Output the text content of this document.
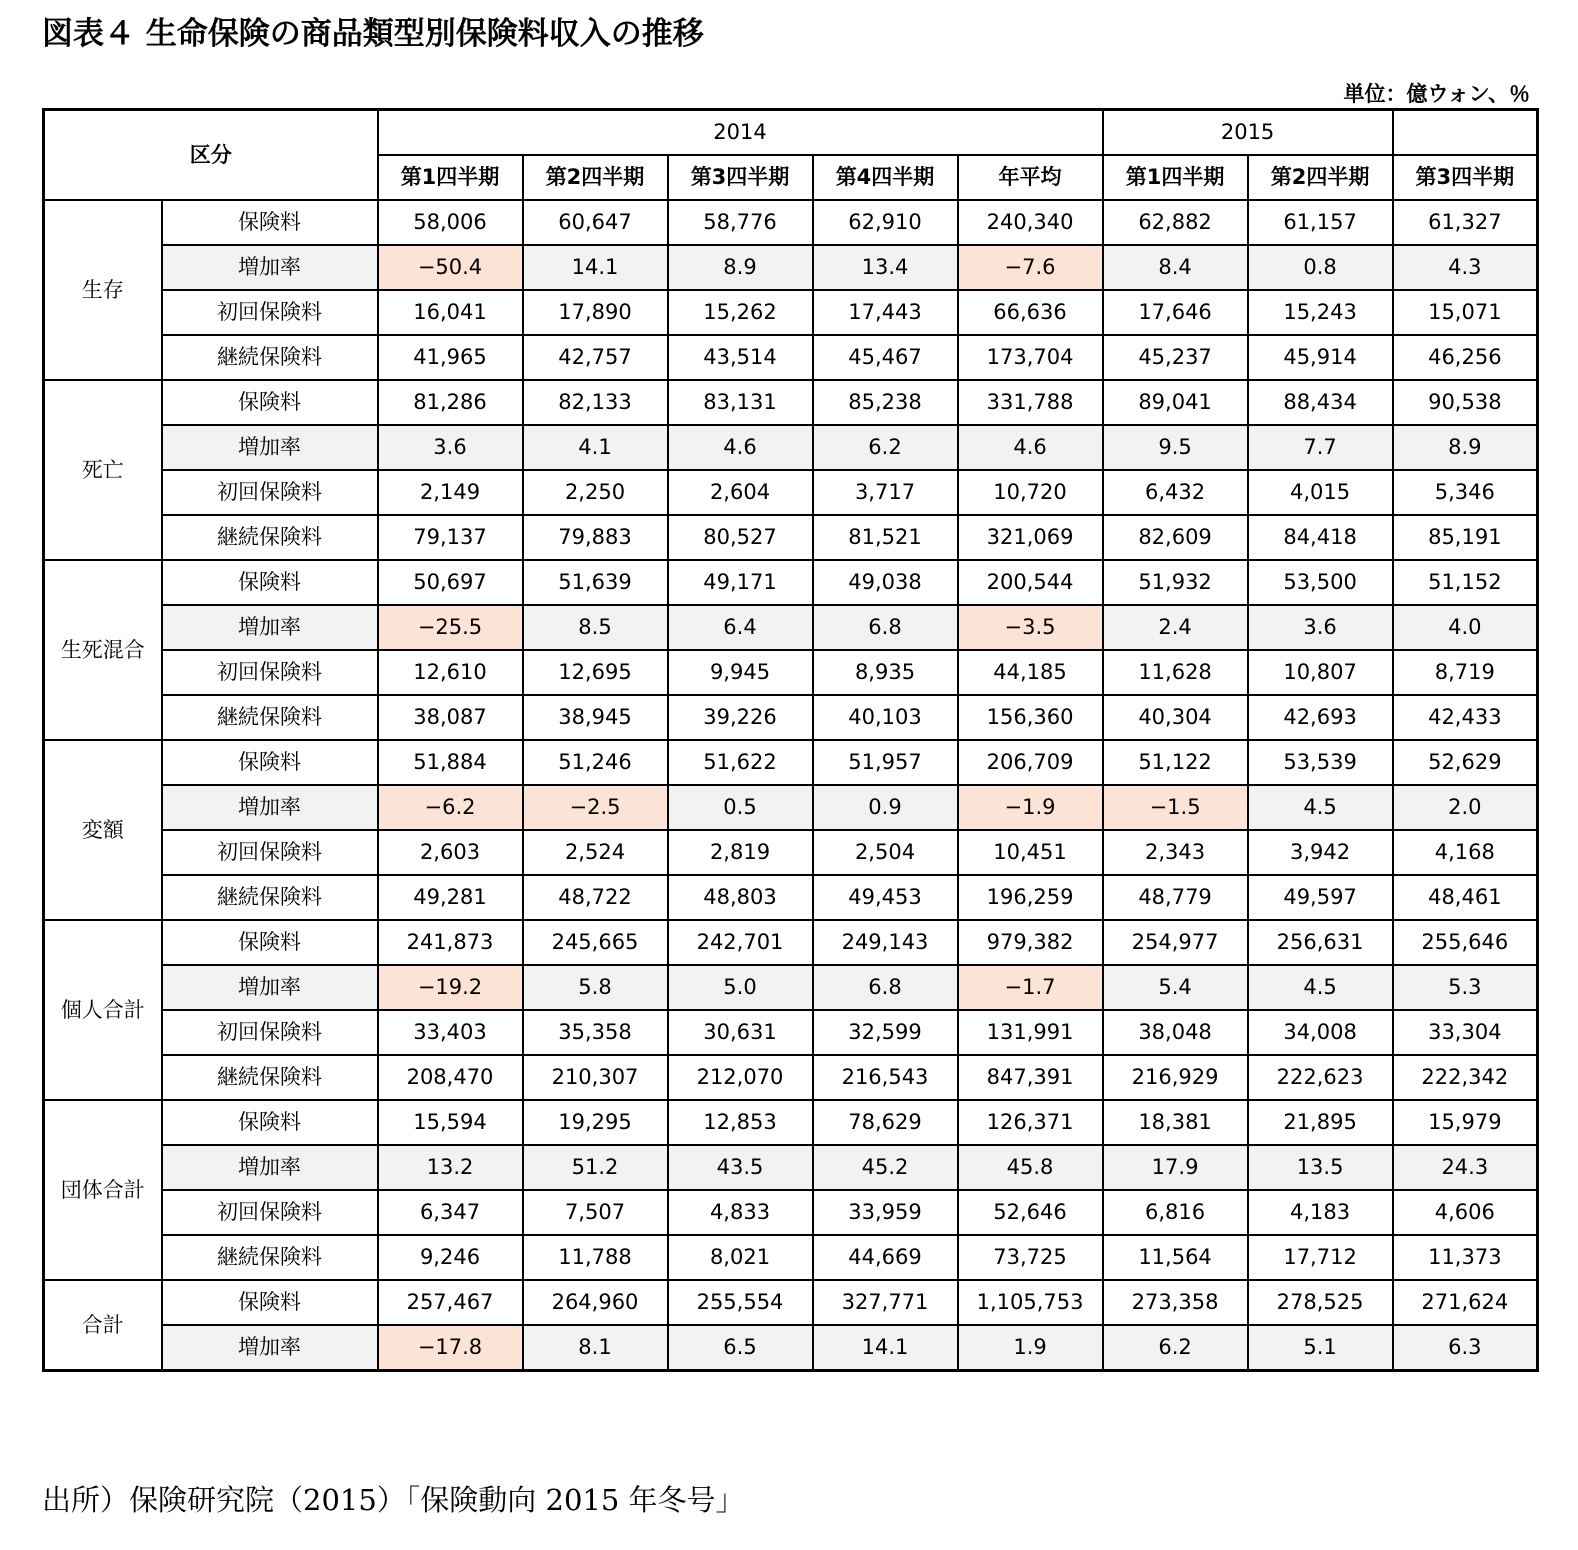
図表４ 生命保険の商品類型別保険料収入の推移
単位：億ウォン、％
区分		2014					2015		
		第1四半期	第2四半期	第3四半期	第4四半期	年平均	第1四半期	第2四半期	第3四半期
生存	保険料	58,006	60,647	58,776	62,910	240,340	62,882	61,157	61,327
	増加率	−50.4	14.1	8.9	13.4	−7.6	8.4	0.8	4.3
	初回保険料	16,041	17,890	15,262	17,443	66,636	17,646	15,243	15,071
	継続保険料	41,965	42,757	43,514	45,467	173,704	45,237	45,914	46,256
死亡	保険料	81,286	82,133	83,131	85,238	331,788	89,041	88,434	90,538
	増加率	3.6	4.1	4.6	6.2	4.6	9.5	7.7	8.9
	初回保険料	2,149	2,250	2,604	3,717	10,720	6,432	4,015	5,346
	継続保険料	79,137	79,883	80,527	81,521	321,069	82,609	84,418	85,191
生死混合	保険料	50,697	51,639	49,171	49,038	200,544	51,932	53,500	51,152
	増加率	−25.5	8.5	6.4	6.8	−3.5	2.4	3.6	4.0
	初回保険料	12,610	12,695	9,945	8,935	44,185	11,628	10,807	8,719
	継続保険料	38,087	38,945	39,226	40,103	156,360	40,304	42,693	42,433
変額	保険料	51,884	51,246	51,622	51,957	206,709	51,122	53,539	52,629
	増加率	−6.2	−2.5	0.5	0.9	−1.9	−1.5	4.5	2.0
	初回保険料	2,603	2,524	2,819	2,504	10,451	2,343	3,942	4,168
	継続保険料	49,281	48,722	48,803	49,453	196,259	48,779	49,597	48,461
個人合計	保険料	241,873	245,665	242,701	249,143	979,382	254,977	256,631	255,646
	増加率	−19.2	5.8	5.0	6.8	−1.7	5.4	4.5	5.3
	初回保険料	33,403	35,358	30,631	32,599	131,991	38,048	34,008	33,304
	継続保険料	208,470	210,307	212,070	216,543	847,391	216,929	222,623	222,342
団体合計	保険料	15,594	19,295	12,853	78,629	126,371	18,381	21,895	15,979
	増加率	13.2	51.2	43.5	45.2	45.8	17.9	13.5	24.3
	初回保険料	6,347	7,507	4,833	33,959	52,646	6,816	4,183	4,606
	継続保険料	9,246	11,788	8,021	44,669	73,725	11,564	17,712	11,373
合計	保険料	257,467	264,960	255,554	327,771	1,105,753	273,358	278,525	271,624
	増加率	−17.8	8.1	6.5	14.1	1.9	6.2	5.1	6.3
出所）保険研究院（2015）「保険動向 2015 年冬号」
